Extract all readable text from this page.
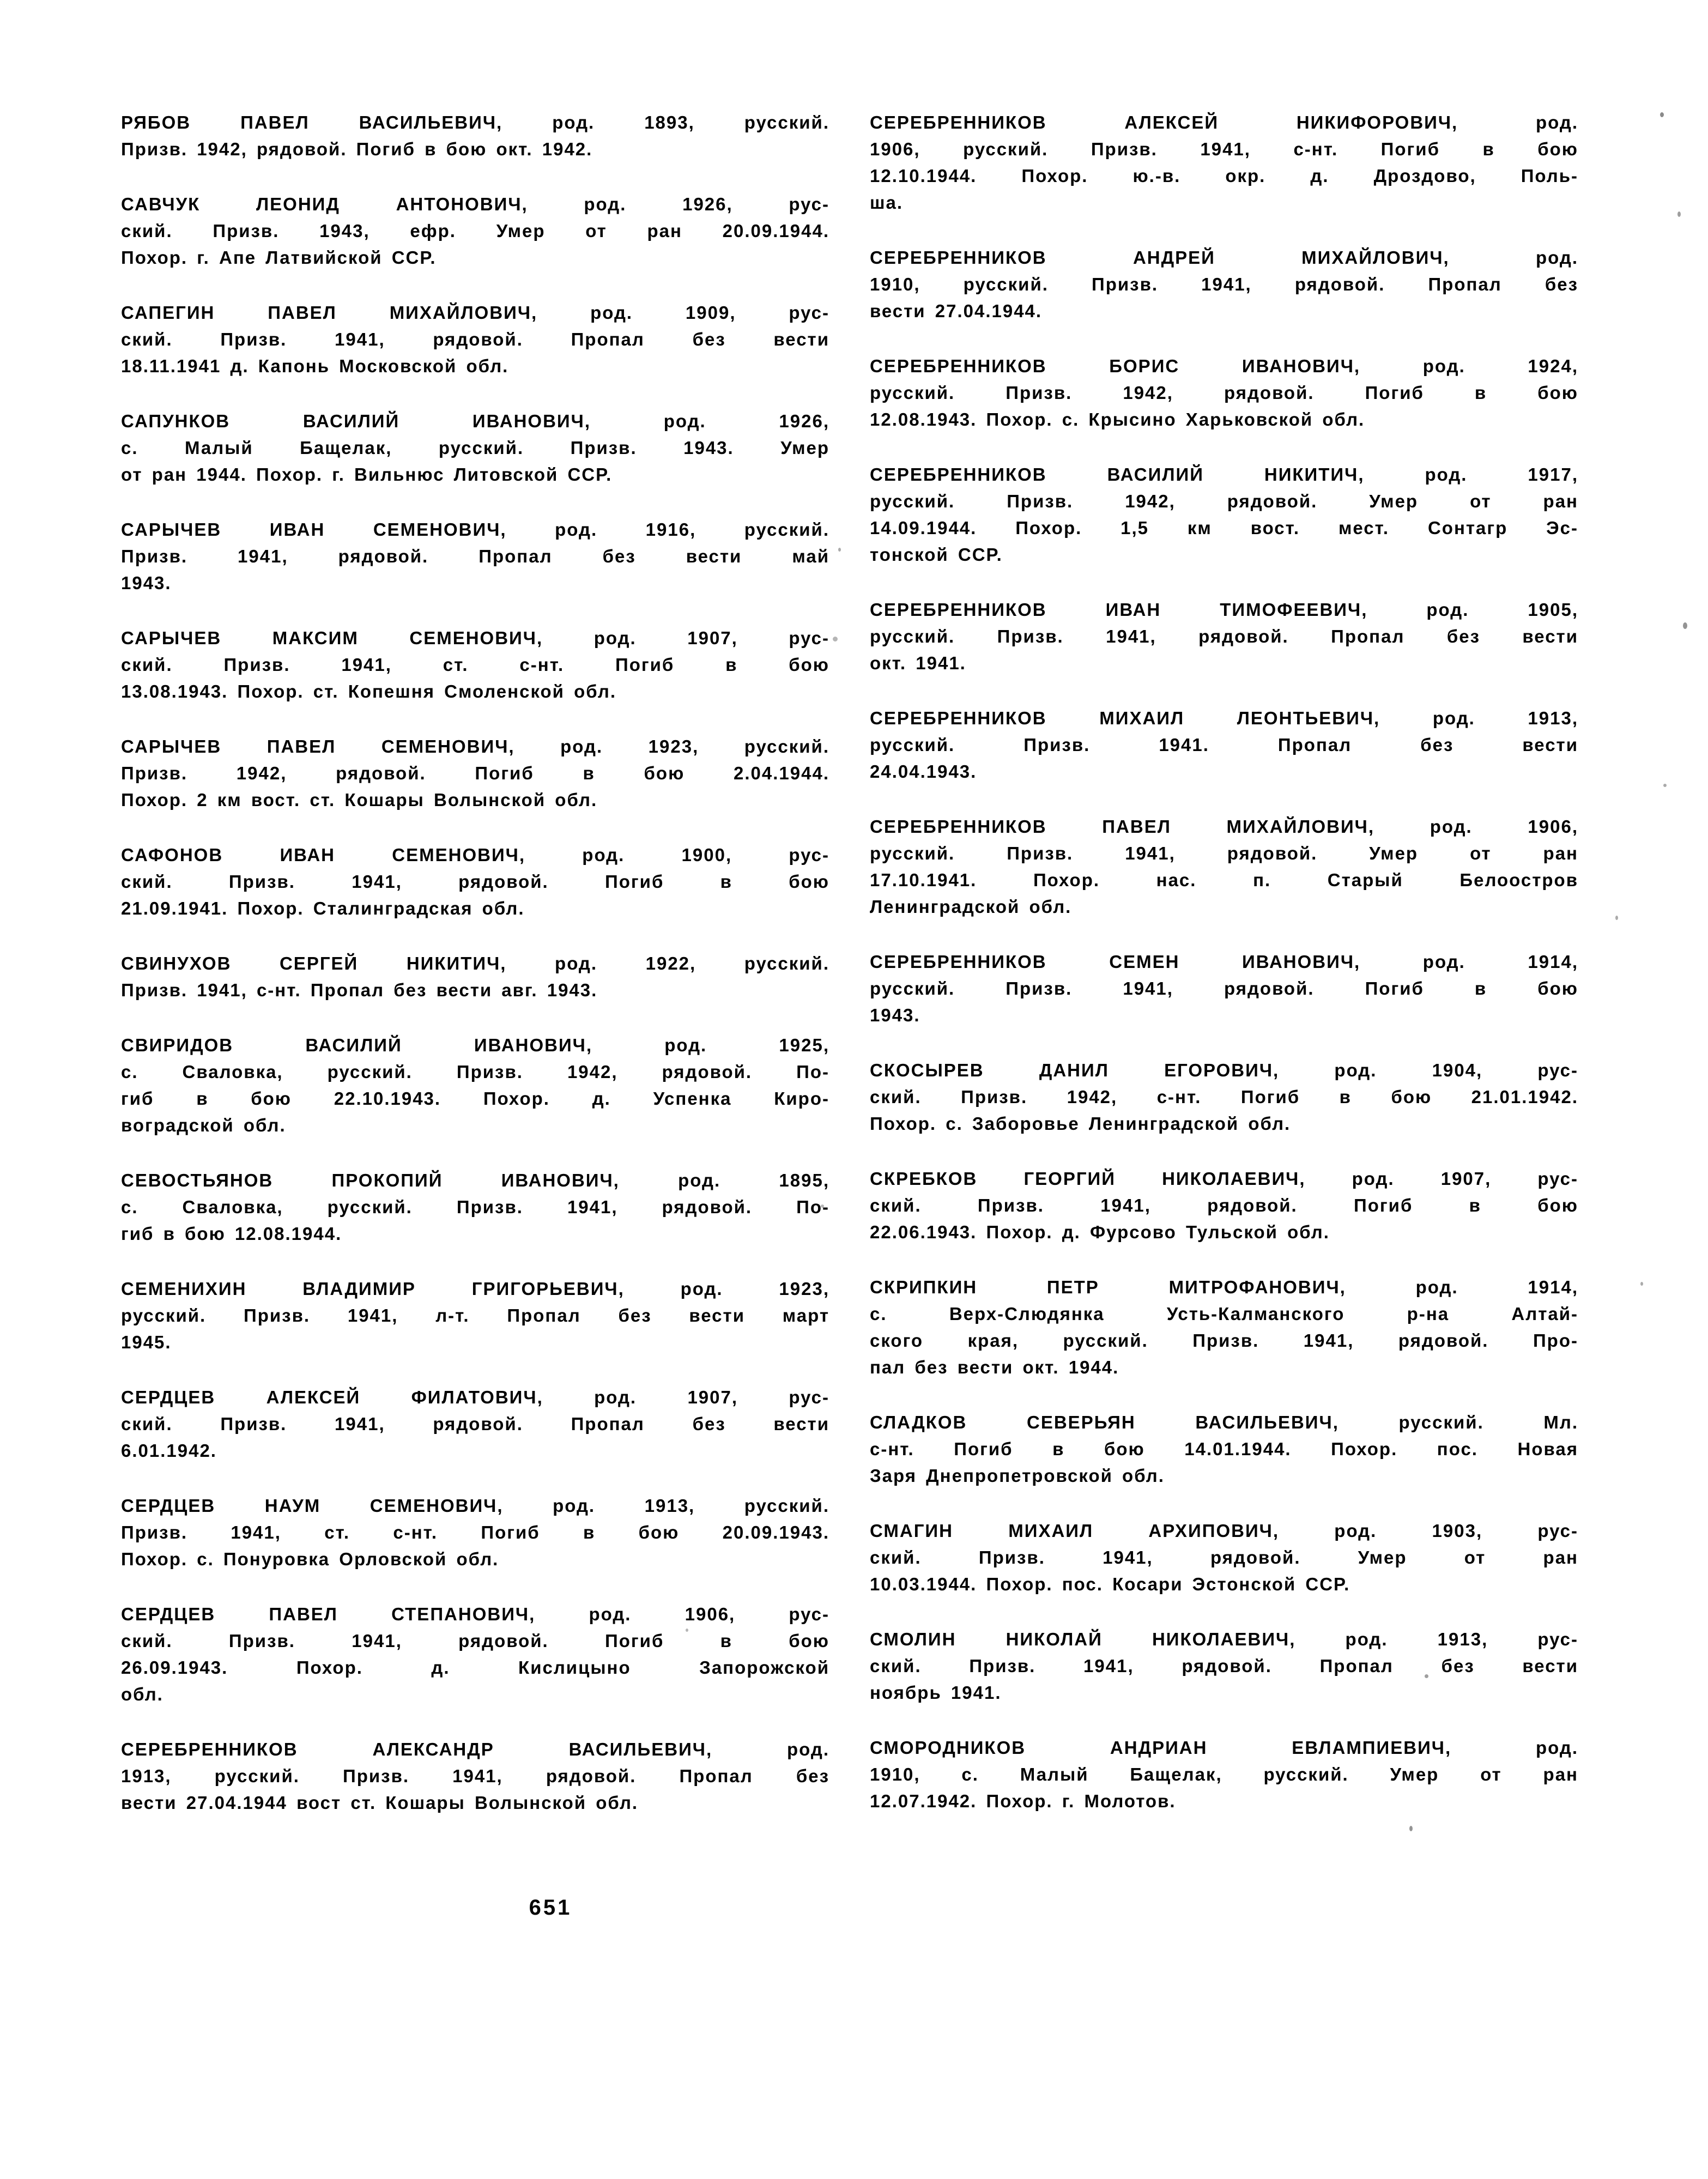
РЯБОВ ПАВЕЛ ВАСИЛЬЕВИЧ, род. 1893, русский.
Призв. 1942, рядовой. Погиб в бою окт. 1942.

САВЧУК ЛЕОНИД АНТОНОВИЧ, род. 1926, рус-
ский. Призв. 1943, ефр. Умер от ран 20.09.1944.
Похор. г. Апе Латвийской ССР.

САПЕГИН ПАВЕЛ МИХАЙЛОВИЧ, род. 1909, рус-
ский. Призв. 1941, рядовой. Пропал без вести
18.11.1941 д. Капонь Московской обл.

САПУНКОВ ВАСИЛИЙ ИВАНОВИЧ, род. 1926,
с. Малый Бащелак, русский. Призв. 1943. Умер
от ран 1944. Похор. г. Вильнюс Литовской ССР.

САРЫЧЕВ ИВАН СЕМЕНОВИЧ, род. 1916, русский.
Призв. 1941, рядовой. Пропал без вести май
1943.

САРЫЧЕВ МАКСИМ СЕМЕНОВИЧ, род. 1907, рус-
ский. Призв. 1941, ст. с-нт. Погиб в бою
13.08.1943. Похор. ст. Копешня Смоленской обл.

САРЫЧЕВ ПАВЕЛ СЕМЕНОВИЧ, род. 1923, русский.
Призв. 1942, рядовой. Погиб в бою 2.04.1944.
Похор. 2 км вост. ст. Кошары Волынской обл.

САФОНОВ ИВАН СЕМЕНОВИЧ, род. 1900, рус-
ский. Призв. 1941, рядовой. Погиб в бою
21.09.1941. Похор. Сталинградская обл.

СВИНУХОВ СЕРГЕЙ НИКИТИЧ, род. 1922, русский.
Призв. 1941, с-нт. Пропал без вести авг. 1943.

СВИРИДОВ ВАСИЛИЙ ИВАНОВИЧ, род. 1925,
с. Сваловка, русский. Призв. 1942, рядовой. По-
гиб в бою 22.10.1943. Похор. д. Успенка Киро-
воградской обл.

СЕВОСТЬЯНОВ ПРОКОПИЙ ИВАНОВИЧ, род. 1895,
с. Сваловка, русский. Призв. 1941, рядовой. По-
гиб в бою 12.08.1944.

СЕМЕНИХИН ВЛАДИМИР ГРИГОРЬЕВИЧ, род. 1923,
русский. Призв. 1941, л-т. Пропал без вести март
1945.

СЕРДЦЕВ АЛЕКСЕЙ ФИЛАТОВИЧ, род. 1907, рус-
ский. Призв. 1941, рядовой. Пропал без вести
6.01.1942.

СЕРДЦЕВ НАУМ СЕМЕНОВИЧ, род. 1913, русский.
Призв. 1941, ст. с-нт. Погиб в бою 20.09.1943.
Похор. с. Понуровка Орловской обл.

СЕРДЦЕВ ПАВЕЛ СТЕПАНОВИЧ, род. 1906, рус-
ский. Призв. 1941, рядовой. Погиб в бою
26.09.1943. Похор. д. Кислицыно Запорожской
обл.

СЕРЕБРЕННИКОВ АЛЕКСАНДР ВАСИЛЬЕВИЧ, род.
1913, русский. Призв. 1941, рядовой. Пропал без
вести 27.04.1944 вост ст. Кошары Волынской обл.

СЕРЕБРЕННИКОВ АЛЕКСЕЙ НИКИФОРОВИЧ, род.
1906, русский. Призв. 1941, с-нт. Погиб в бою
12.10.1944. Похор. ю.-в. окр. д. Дроздово, Поль-
ша.

СЕРЕБРЕННИКОВ АНДРЕЙ МИХАЙЛОВИЧ, род.
1910, русский. Призв. 1941, рядовой. Пропал без
вести 27.04.1944.

СЕРЕБРЕННИКОВ БОРИС ИВАНОВИЧ, род. 1924,
русский. Призв. 1942, рядовой. Погиб в бою
12.08.1943. Похор. с. Крысино Харьковской обл.

СЕРЕБРЕННИКОВ ВАСИЛИЙ НИКИТИЧ, род. 1917,
русский. Призв. 1942, рядовой. Умер от ран
14.09.1944. Похор. 1,5 км вост. мест. Сонтагр Эс-
тонской ССР.

СЕРЕБРЕННИКОВ ИВАН ТИМОФЕЕВИЧ, род. 1905,
русский. Призв. 1941, рядовой. Пропал без вести
окт. 1941.

СЕРЕБРЕННИКОВ МИХАИЛ ЛЕОНТЬЕВИЧ, род. 1913,
русский. Призв. 1941. Пропал без вести
24.04.1943.

СЕРЕБРЕННИКОВ ПАВЕЛ МИХАЙЛОВИЧ, род. 1906,
русский. Призв. 1941, рядовой. Умер от ран
17.10.1941. Похор. нас. п. Старый Белоостров
Ленинградской обл.

СЕРЕБРЕННИКОВ СЕМЕН ИВАНОВИЧ, род. 1914,
русский. Призв. 1941, рядовой. Погиб в бою
1943.

СКОСЫРЕВ ДАНИЛ ЕГОРОВИЧ, род. 1904, рус-
ский. Призв. 1942, с-нт. Погиб в бою 21.01.1942.
Похор. с. Заборовье Ленинградской обл.

СКРЕБКОВ ГЕОРГИЙ НИКОЛАЕВИЧ, род. 1907, рус-
ский. Призв. 1941, рядовой. Погиб в бою
22.06.1943. Похор. д. Фурсово Тульской обл.

СКРИПКИН ПЕТР МИТРОФАНОВИЧ, род. 1914,
с. Верх-Слюдянка Усть-Калманского р-на Алтай-
ского края, русский. Призв. 1941, рядовой. Про-
пал без вести окт. 1944.

СЛАДКОВ СЕВЕРЬЯН ВАСИЛЬЕВИЧ, русский. Мл.
с-нт. Погиб в бою 14.01.1944. Похор. пос. Новая
Заря Днепропетровской обл.

СМАГИН МИХАИЛ АРХИПОВИЧ, род. 1903, рус-
ский. Призв. 1941, рядовой. Умер от ран
10.03.1944. Похор. пос. Косари Эстонской ССР.

СМОЛИН НИКОЛАЙ НИКОЛАЕВИЧ, род. 1913, рус-
ский. Призв. 1941, рядовой. Пропал без вести
ноябрь 1941.

СМОРОДНИКОВ АНДРИАН ЕВЛАМПИЕВИЧ, род.
1910, с. Малый Бащелак, русский. Умер от ран
12.07.1942. Похор. г. Молотов.

651
